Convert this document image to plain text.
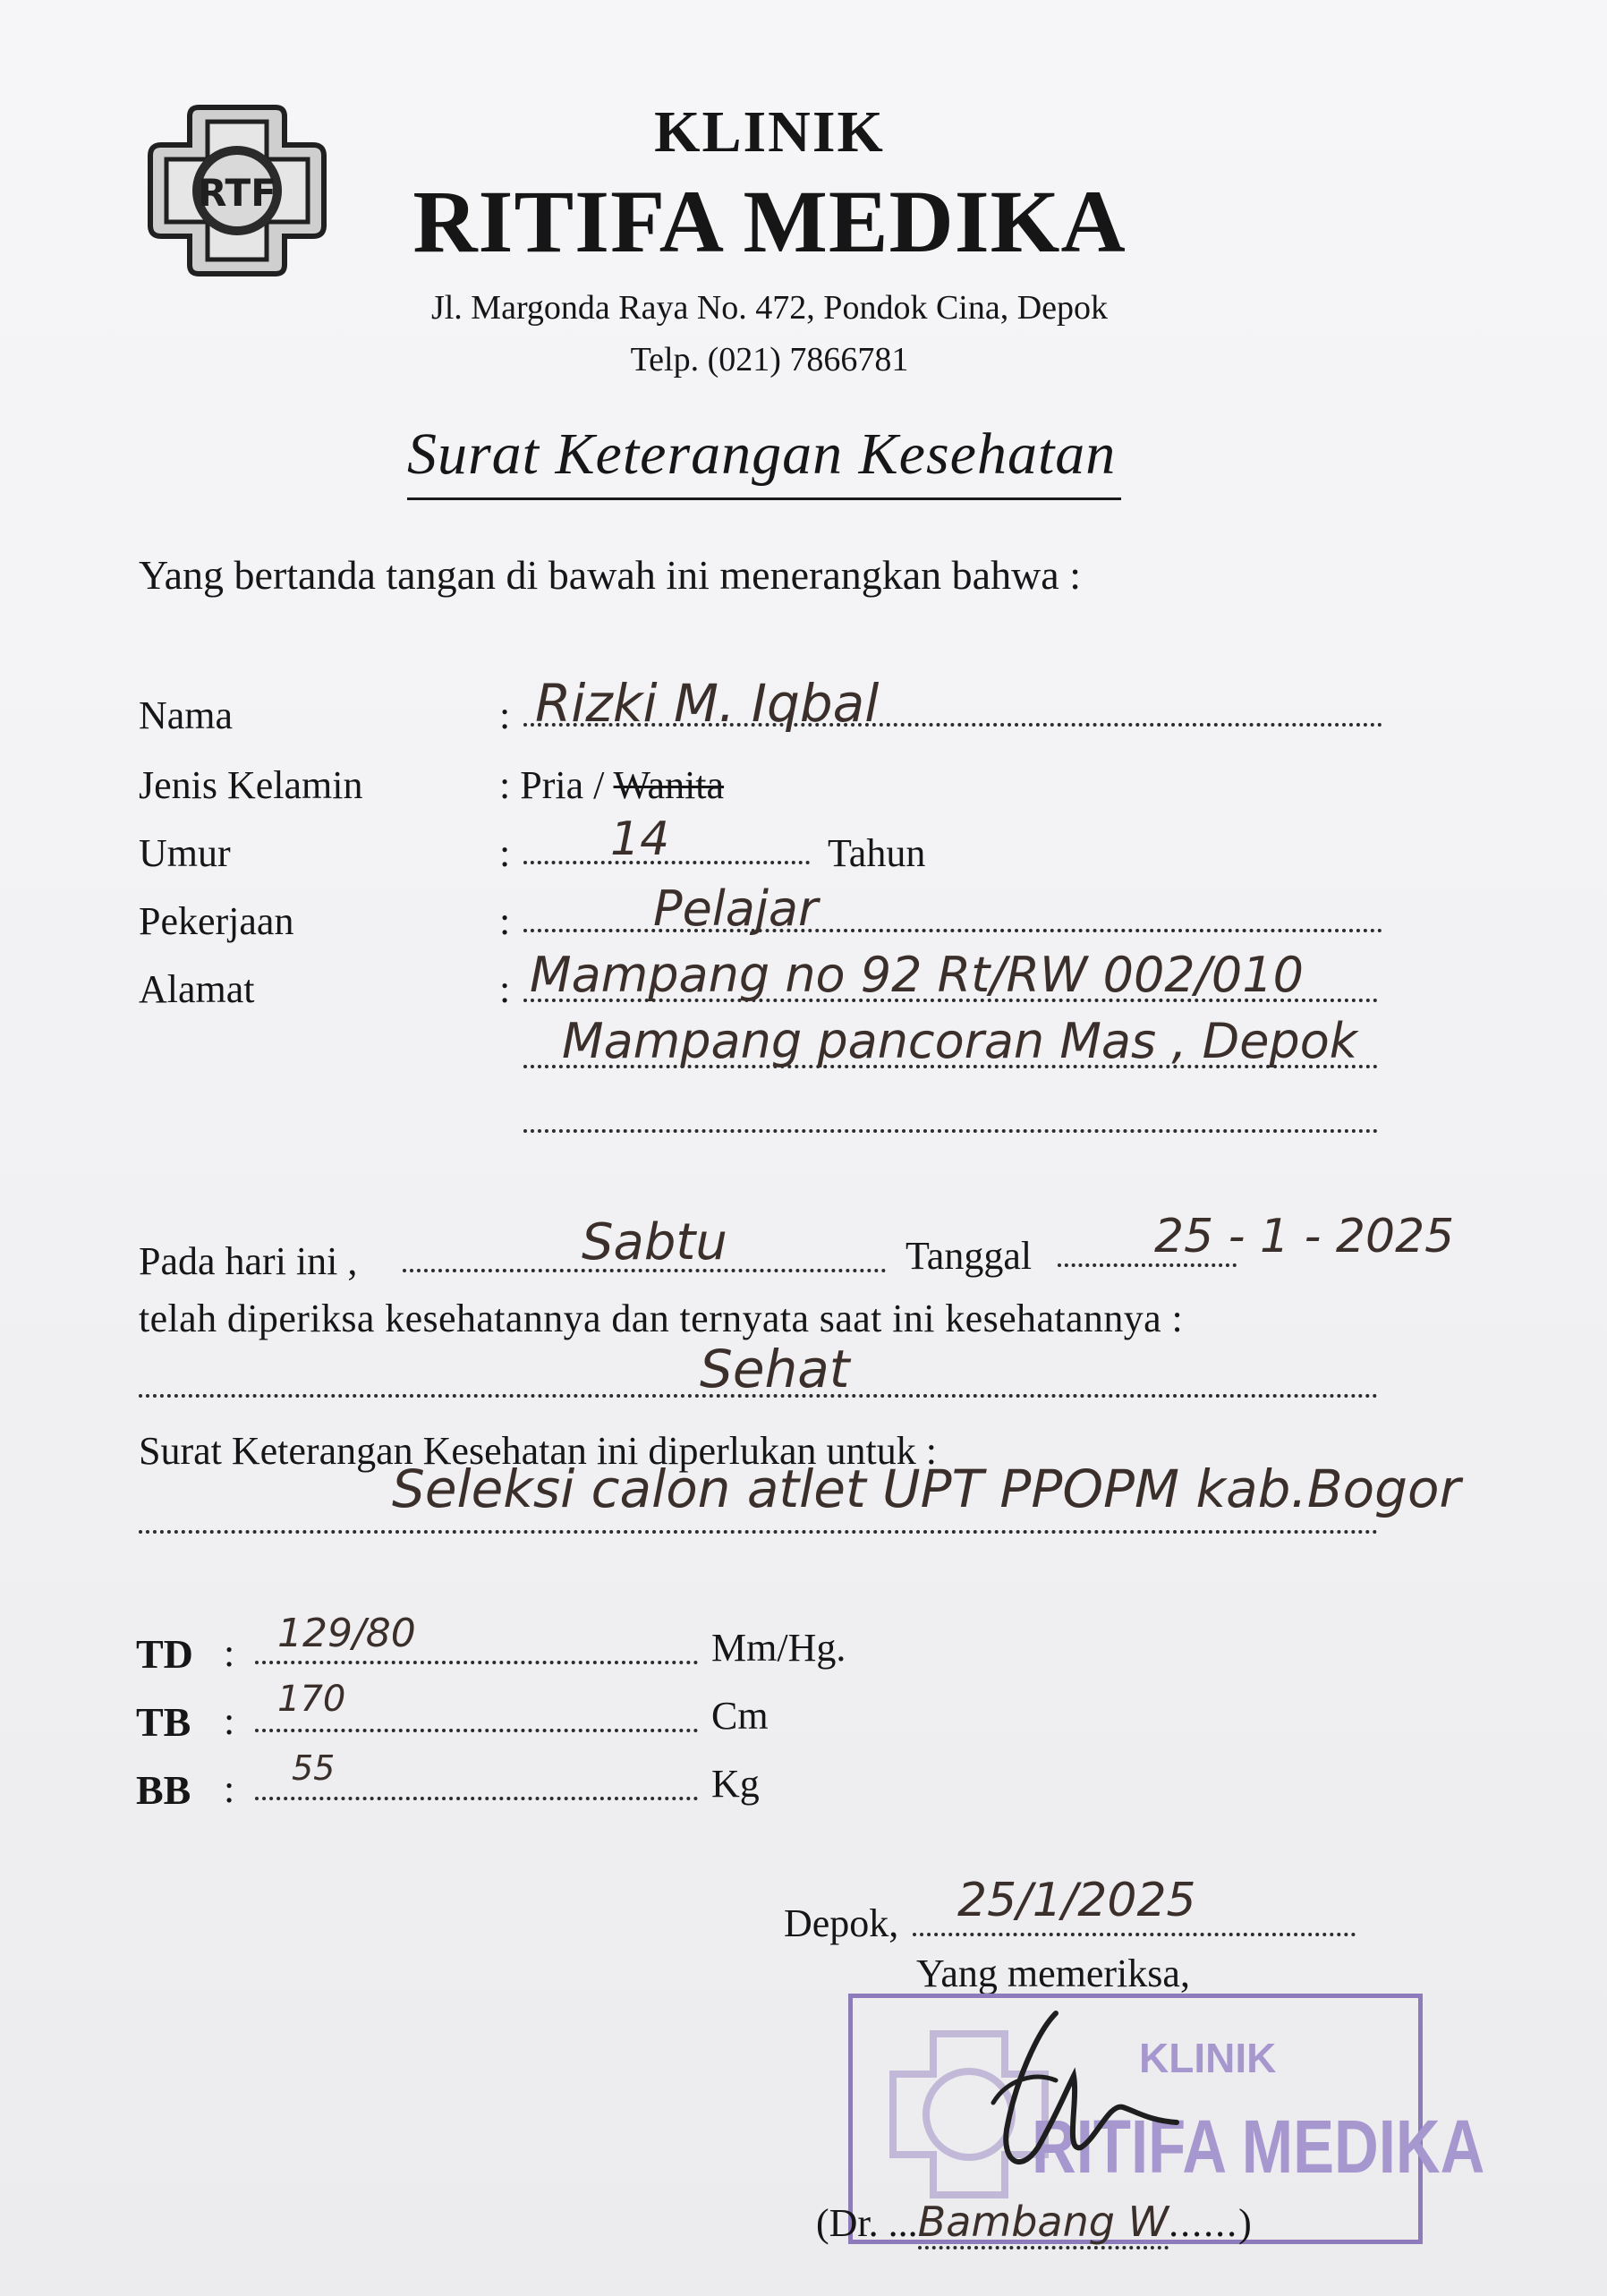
RTF
KLINIK
RITIFA MEDIKA
Jl. Margonda Raya No. 472, Pondok Cina, Depok
Telp. (021) 7866781
Surat Keterangan Kesehatan
Yang bertanda tangan di bawah ini menerangkan bahwa :
Nama	: Rizki M. Iqbal
Jenis Kelamin	: Pria / Wanita
Umur	: 14	Tahun
Pekerjaan	:	Pelajar
Alamat	: Mampang no 92 Rt/RW 002/010
Mampang pancoran Mas , Depok
Pada hari ini ,	Sabtu	Tanggal	25 - 1 - 2025
telah diperiksa kesehatannya dan ternyata saat ini kesehatannya :
Sehat
Surat Keterangan Kesehatan ini diperlukan untuk :
Seleksi calon atlet UPT PPOPM kab.Bogor
TD : 129/80	Mm/Hg.
TB : 170	Cm
BB : 55	Kg
Depok, 25/1/2025
Yang memeriksa,
KLINIK
RITIFA MEDIKA
(Dr. ...Bambang W......)
